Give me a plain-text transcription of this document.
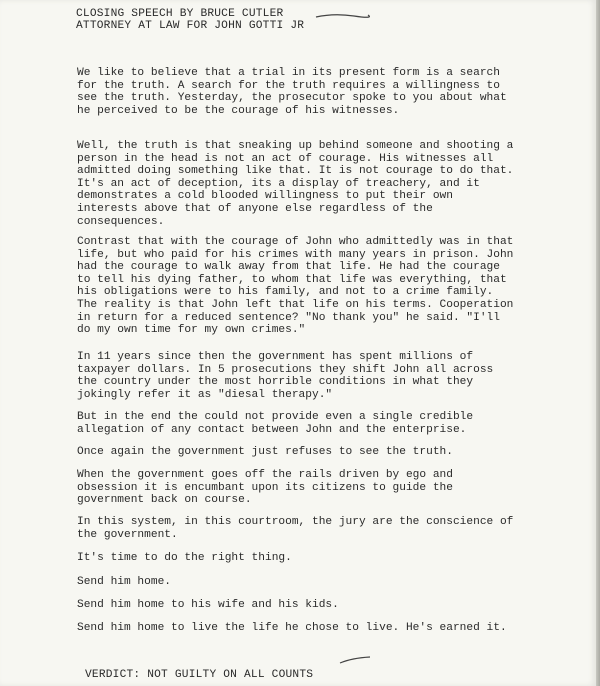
CLOSING SPEECH BY BRUCE CUTLER
ATTORNEY AT LAW FOR JOHN GOTTI JR
We like to believe that a trial in its present form is a search for the truth. A search for the truth requires a willingness to see the truth. Yesterday, the prosecutor spoke to you about what he perceived to be the courage of his witnesses.
Well, the truth is that sneaking up behind someone and shooting a person in the head is not an act of courage. His witnesses all admitted doing something like that. It is not courage to do that. It's an act of deception, its a display of treachery, and it demonstrates a cold blooded willingness to put their own interests above that of anyone else regardless of the consequences.
Contrast that with the courage of John who admittedly was in that life, but who paid for his crimes with many years in prison. John had the courage to walk away from that life. He had the courage to tell his dying father, to whom that life was everything, that his obligations were to his family, and not to a crime family. The reality is that John left that life on his terms. Cooperation in return for a reduced sentence? "No thank you" he said. "I'll do my own time for my own crimes."
In 11 years since then the government has spent millions of taxpayer dollars. In 5 prosecutions they shift John all across the country under the most horrible conditions in what they jokingly refer it as "diesal therapy."
But in the end the could not provide even a single credible allegation of any contact between John and the enterprise.
Once again the government just refuses to see the truth.
When the government goes off the rails driven by ego and obsession it is encumbant upon its citizens to guide the government back on course.
In this system, in this courtroom, the jury are the conscience of the government.
It's time to do the right thing.
Send him home.
Send him home to his wife and his kids.
Send him home to live the life he chose to live. He's earned it.
VERDICT: NOT GUILTY ON ALL COUNTS
